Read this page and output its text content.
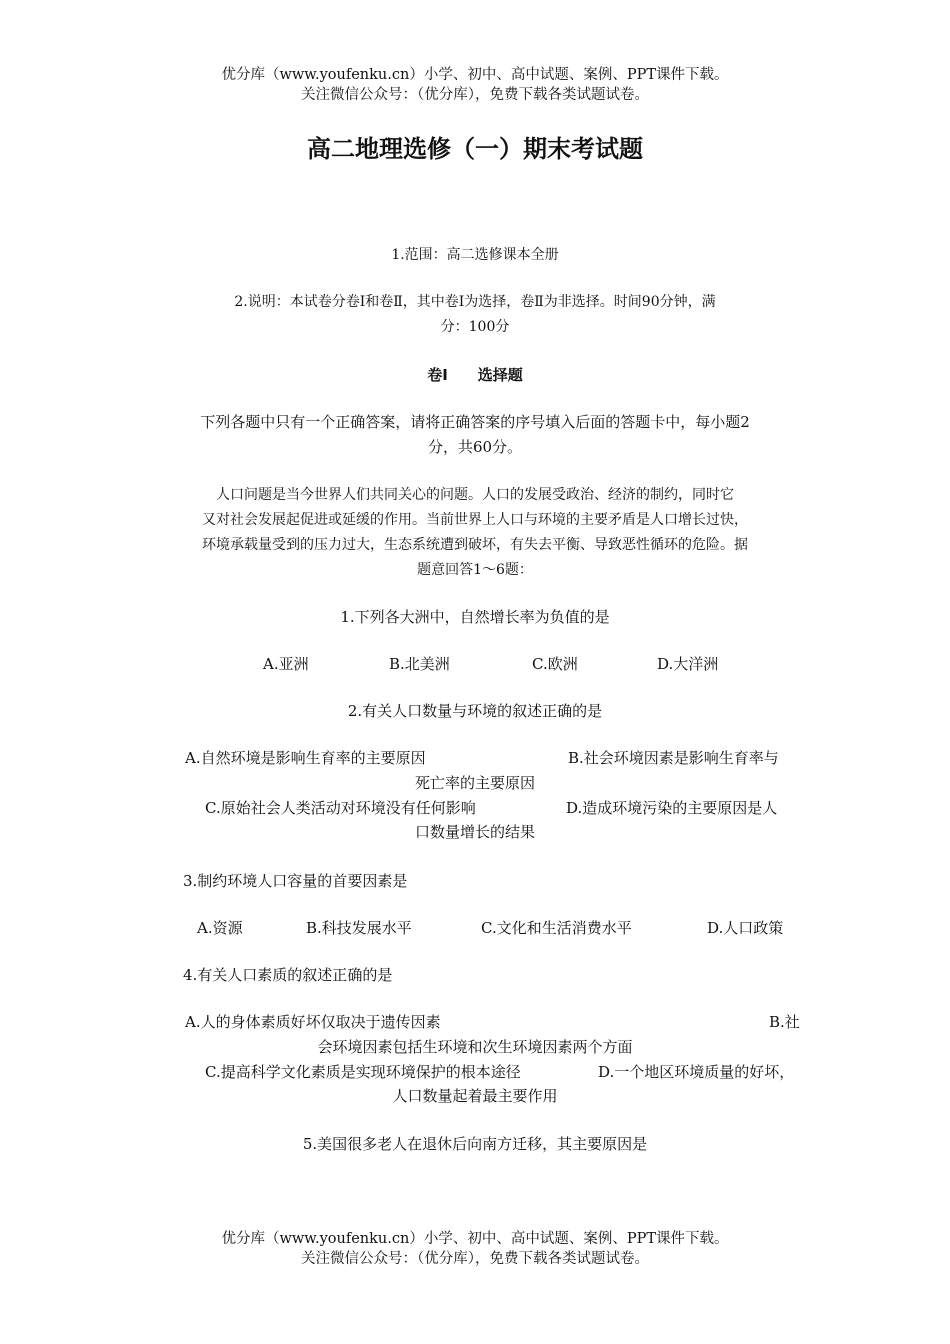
优分库（www.youfenku.cn）小学、初中、高中试题、案例、PPT课件下载。
关注微信公众号：（优分库），免费下载各类试题试卷。
高二地理选修（一）期末考试题
1.范围：高二选修课本全册
2.说明：本试卷分卷Ⅰ和卷Ⅱ，其中卷Ⅰ为选择，卷Ⅱ为非选择。时间90分钟，满
分：100分
卷Ⅰ　　选择题
下列各题中只有一个正确答案，请将正确答案的序号填入后面的答题卡中，每小题2
分，共60分。
人口问题是当今世界人们共同关心的问题。人口的发展受政治、经济的制约，同时它
又对社会发展起促进或延缓的作用。当前世界上人口与环境的主要矛盾是人口增长过快，
环境承载量受到的压力过大，生态系统遭到破坏，有失去平衡、导致恶性循环的危险。据
题意回答1～6题：
1.下列各大洲中，自然增长率为负值的是
A.亚洲	B.北美洲	C.欧洲	D.大洋洲
2.有关人口数量与环境的叙述正确的是
A.自然环境是影响生育率的主要原因	B.社会环境因素是影响生育率与
死亡率的主要原因
C.原始社会人类活动对环境没有任何影响	D.造成环境污染的主要原因是人
口数量增长的结果
3.制约环境人口容量的首要因素是
A.资源	B.科技发展水平	C.文化和生活消费水平	D.人口政策
4.有关人口素质的叙述正确的是
A.人的身体素质好坏仅取决于遗传因素	B.社
会环境因素包括生环境和次生环境因素两个方面
C.提高科学文化素质是实现环境保护的根本途径	D.一个地区环境质量的好坏，
人口数量起着最主要作用
5.美国很多老人在退休后向南方迁移，其主要原因是
优分库（www.youfenku.cn）小学、初中、高中试题、案例、PPT课件下载。
关注微信公众号：（优分库），免费下载各类试题试卷。
